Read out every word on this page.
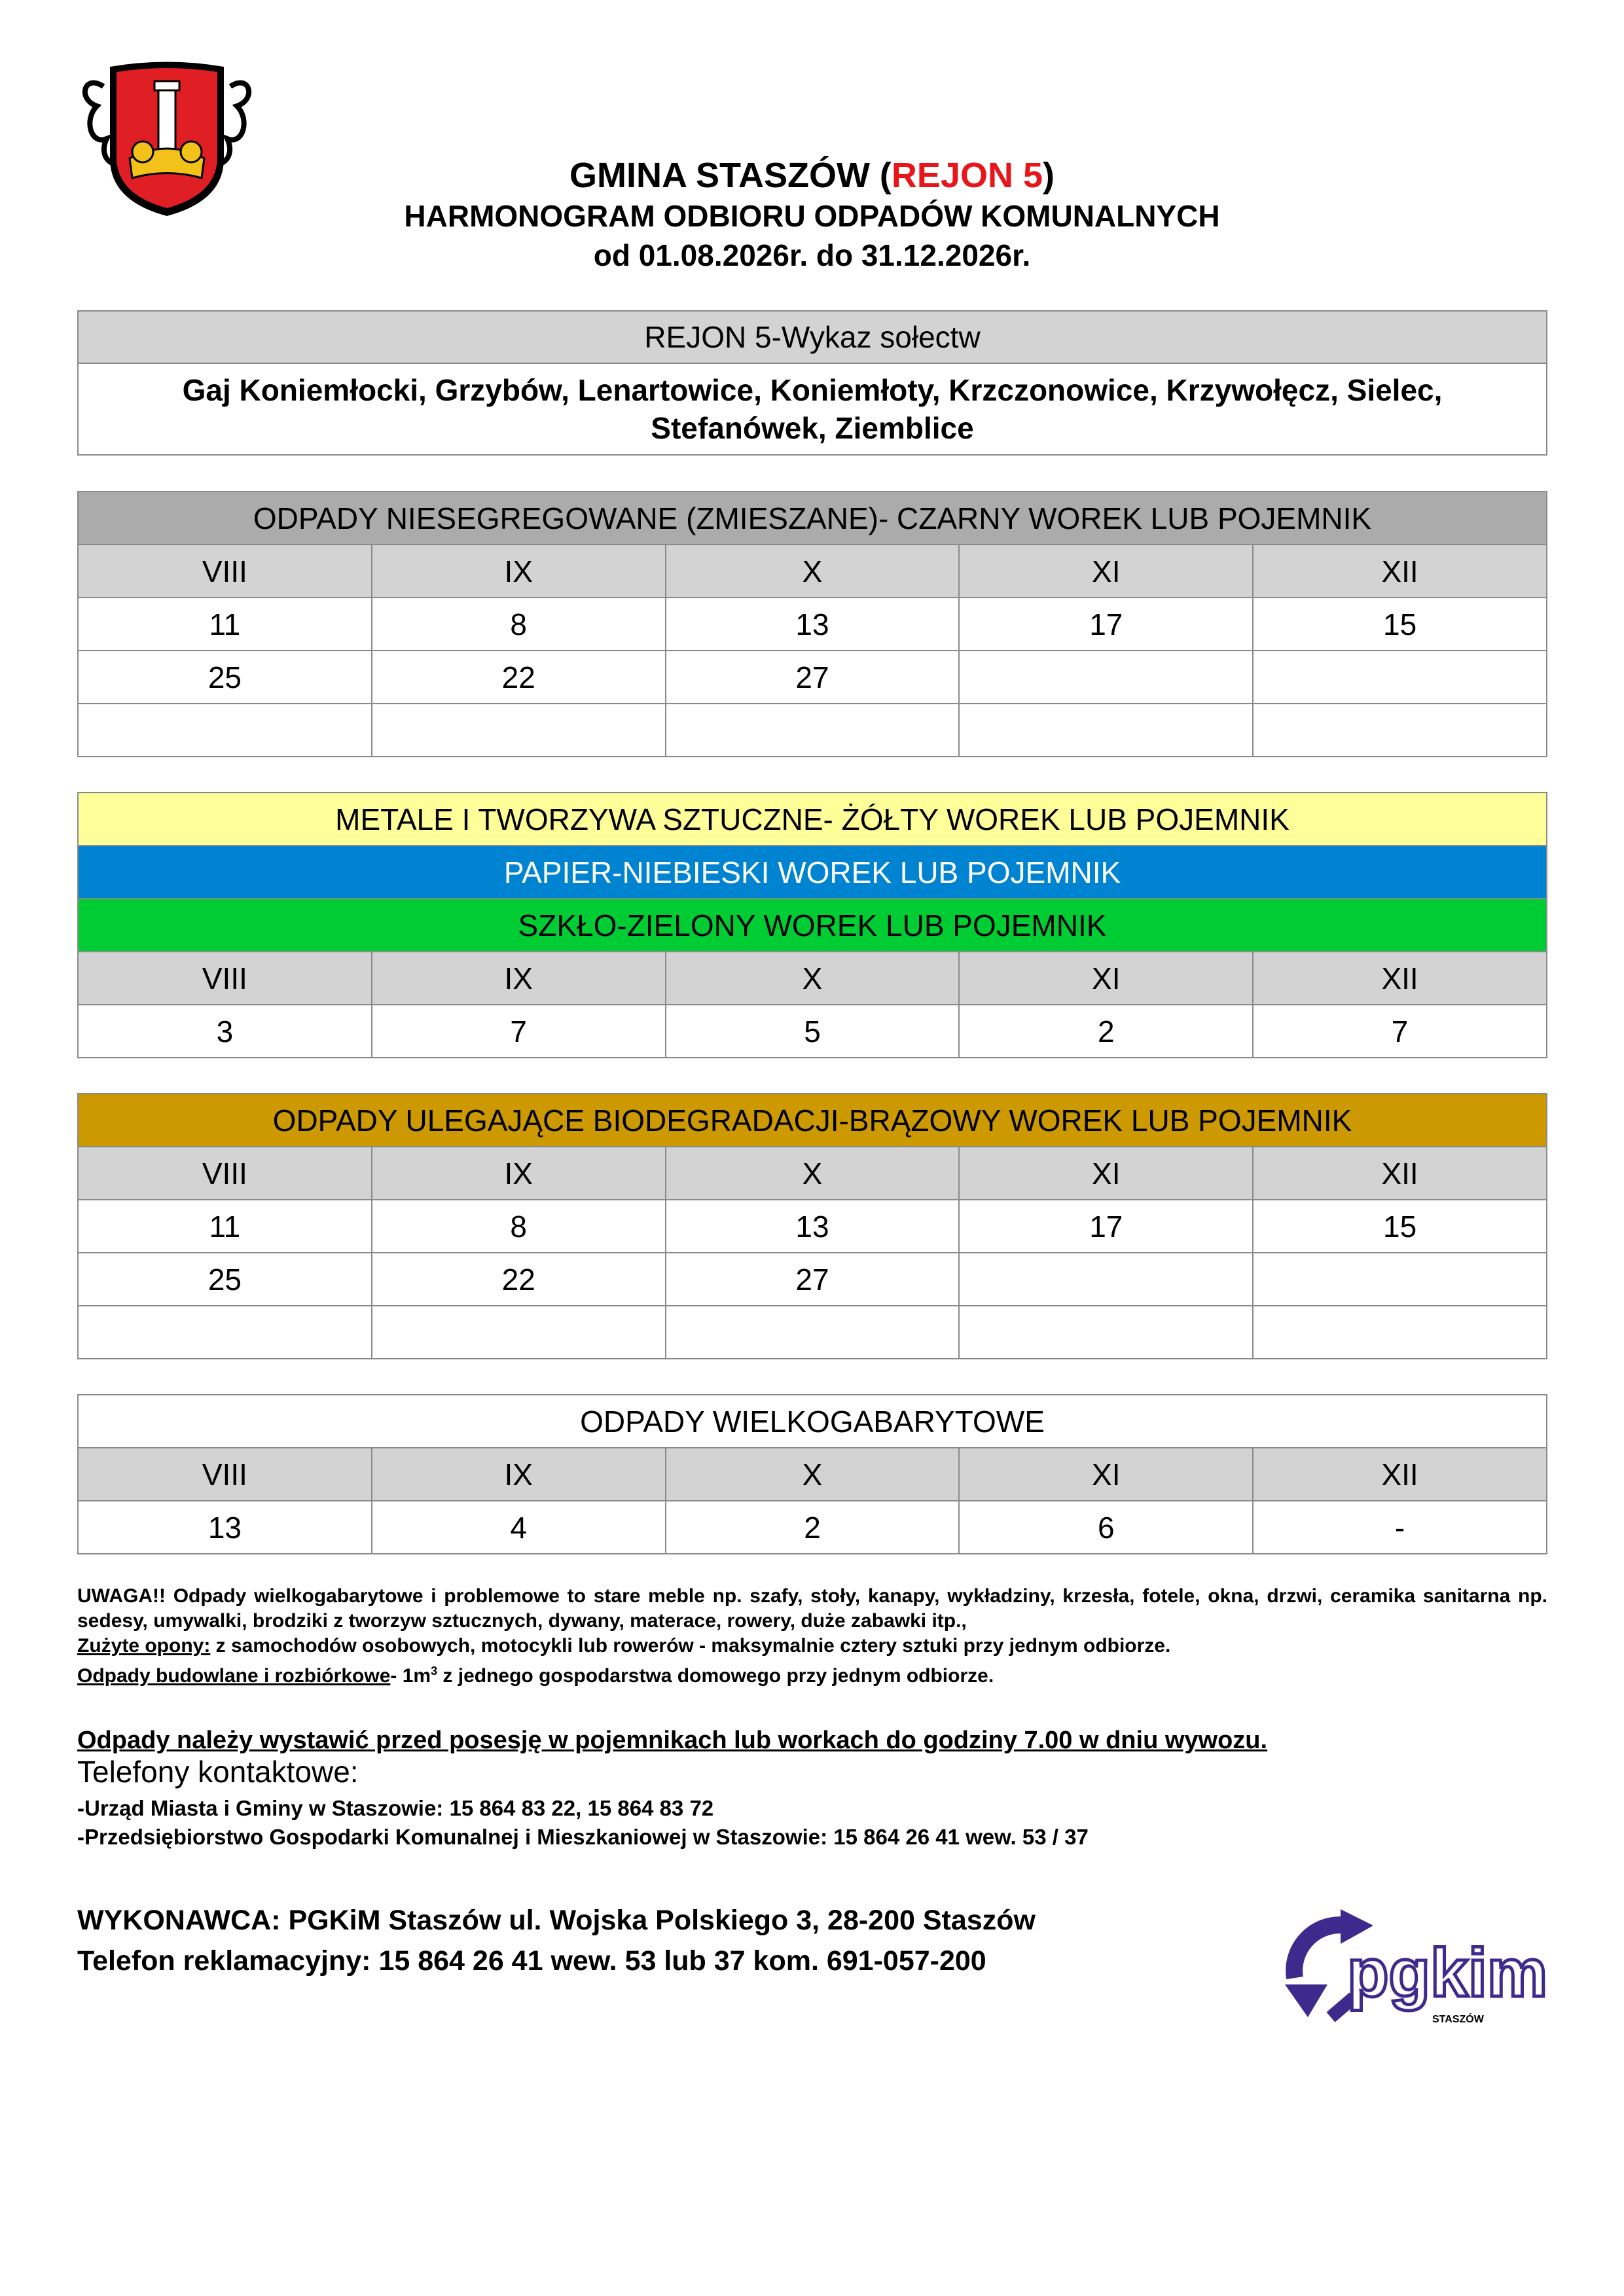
GMINA STASZÓW (REJON 5)
HARMONOGRAM ODBIORU ODPADÓW KOMUNALNYCH
od 01.08.2026r. do 31.12.2026r.
REJON 5-Wykaz sołectw
Gaj Koniemłocki, Grzybów, Lenartowice, Koniemłoty, Krzczonowice, Krzywołęcz, Sielec, Stefanówek, Ziemblice
ODPADY NIESEGREGOWANE (ZMIESZANE)- CZARNY WOREK LUB POJEMNIK				
VIII	IX	X	XI	XII
11	8	13	17	15
25	22	27		

METALE I TWORZYWA SZTUCZNE- ŻÓŁTY WOREK LUB POJEMNIK				
PAPIER-NIEBIESKI WOREK LUB POJEMNIK				
SZKŁO-ZIELONY WOREK LUB POJEMNIK				
VIII	IX	X	XI	XII
3	7	5	2	7
ODPADY ULEGAJĄCE BIODEGRADACJI-BRĄZOWY WOREK LUB POJEMNIK				
VIII	IX	X	XI	XII
11	8	13	17	15
25	22	27		

ODPADY WIELKOGABARYTOWE				
VIII	IX	X	XI	XII
13	4	2	6	-
UWAGA!! Odpady wielkogabarytowe i problemowe to stare meble np. szafy, stoły, kanapy, wykładziny, krzesła, fotele, okna, drzwi, ceramika sanitarna np. sedesy, umywalki, brodziki z tworzyw sztucznych, dywany, materace, rowery, duże zabawki itp.,
Zużyte opony: z samochodów osobowych, motocykli lub rowerów - maksymalnie cztery sztuki przy jednym odbiorze.
Odpady budowlane i rozbiórkowe- $1m^3$ z jednego gospodarstwa domowego przy jednym odbiorze.
Odpady należy wystawić przed posesję w pojemnikach lub workach do godziny 7.00 w dniu wywozu.
Telefony kontaktowe:
-Urząd Miasta i Gminy w Staszowie: 15 864 83 22, 15 864 83 72
-Przedsiębiorstwo Gospodarki Komunalnej i Mieszkaniowej w Staszowie: 15 864 26 41 wew. 53 / 37
WYKONAWCA: PGKiM Staszów ul. Wojska Polskiego 3, 28-200 Staszów
Telefon reklamacyjny: 15 864 26 41 wew. 53 lub 37 kom. 691-057-200	pgkim
STASZÓW
